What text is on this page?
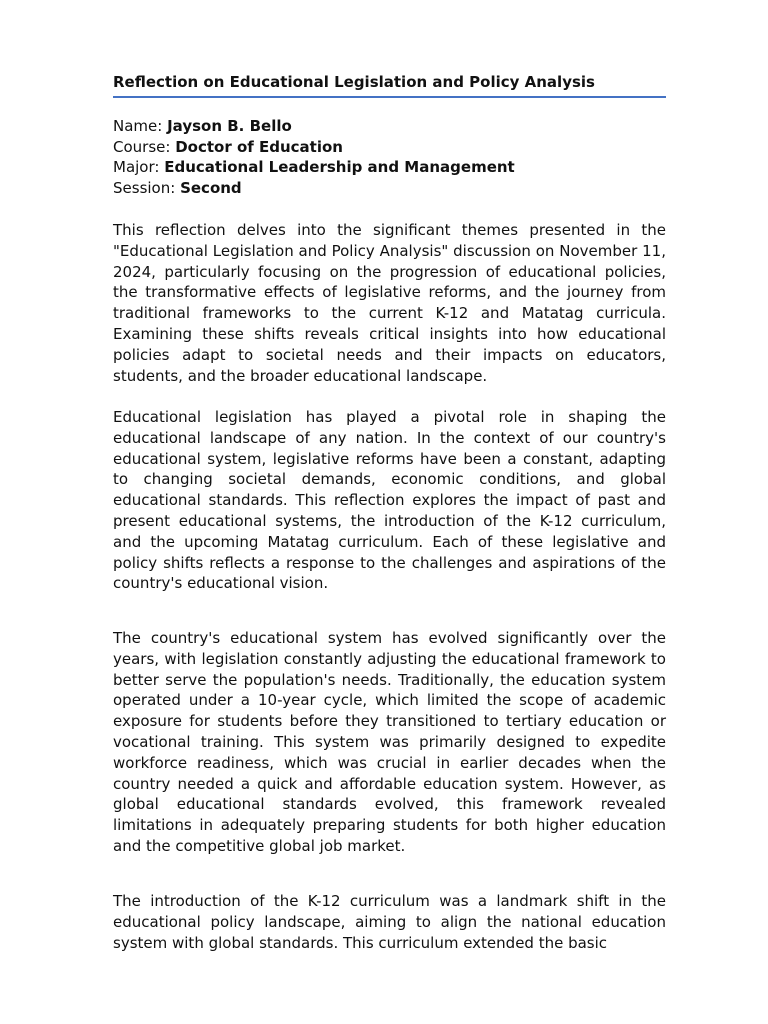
Reflection on Educational Legislation and Policy Analysis
Name: Jayson B. Bello
Course: Doctor of Education
Major: Educational Leadership and Management
Session: Second

This reflection delves into the significant themes presented in the "Educational Legislation and Policy Analysis" discussion on November 11, 2024, particularly focusing on the progression of educational policies, the transformative effects of legislative reforms, and the journey from traditional frameworks to the current K-12 and Matatag curricula. Examining these shifts reveals critical insights into how educational policies adapt to societal needs and their impacts on educators, students, and the broader educational landscape.

Educational legislation has played a pivotal role in shaping the educational landscape of any nation. In the context of our country's educational system, legislative reforms have been a constant, adapting to changing societal demands, economic conditions, and global educational standards. This reflection explores the impact of past and present educational systems, the introduction of the K-12 curriculum, and the upcoming Matatag curriculum. Each of these legislative and policy shifts reflects a response to the challenges and aspirations of the country's educational vision.

The country's educational system has evolved significantly over the years, with legislation constantly adjusting the educational framework to better serve the population's needs. Traditionally, the education system operated under a 10-year cycle, which limited the scope of academic exposure for students before they transitioned to tertiary education or vocational training. This system was primarily designed to expedite workforce readiness, which was crucial in earlier decades when the country needed a quick and affordable education system. However, as global educational standards evolved, this framework revealed limitations in adequately preparing students for both higher education and the competitive global job market.

The introduction of the K-12 curriculum was a landmark shift in the educational policy landscape, aiming to align the national education system with global standards. This curriculum extended the basic
